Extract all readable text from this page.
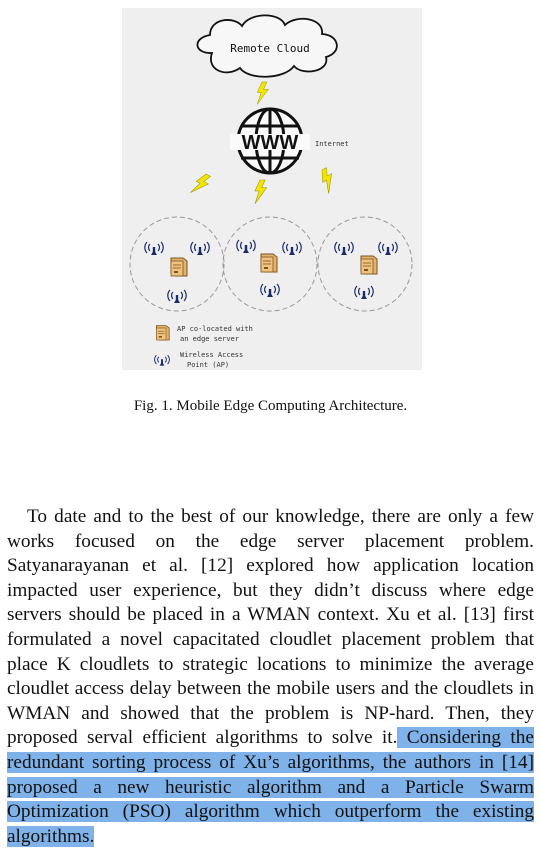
Remote Cloud
WWW Internet
AP co-located with
an edge server
Wireless Access
Point (AP)
Fig. 1. Mobile Edge Computing Architecture.

To date and to the best of our knowledge, there are only a few works focused on the edge server placement problem. Satyanarayanan et al. [12] explored how application location impacted user experience, but they didn’t discuss where edge servers should be placed in a WMAN context. Xu et al. [13] first formulated a novel capacitated cloudlet placement problem that place K cloudlets to strategic locations to minimize the average cloudlet access delay between the mobile users and the cloudlets in WMAN and showed that the problem is NP-hard. Then, they proposed serval efficient algorithms to solve it. Considering the redundant sorting process of Xu’s algorithms, the authors in [14] proposed a new heuristic algorithm and a Particle Swarm Optimization (PSO) algorithm which outperform the existing algorithms.
